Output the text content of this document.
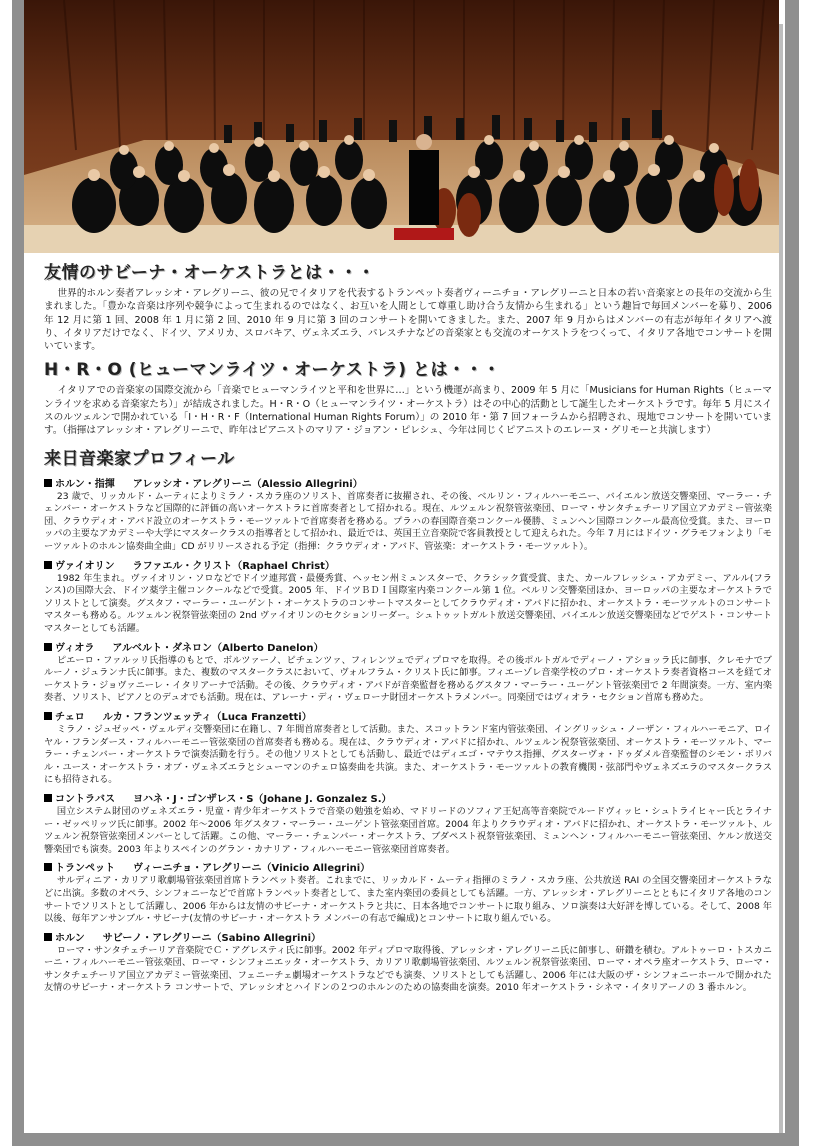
友情のサビーナ・オーケストラとは・・・

世界的ホルン奏者アレッシオ・アレグリーニ、彼の兄でイタリアを代表するトランペット奏者ヴィーニチョ・アレグリーニと日本の若い音楽家との長年の交流から生まれました。「豊かな音楽は序列や競争によって生まれるのではなく、お互いを人間として尊重し助け合う友情から生まれる」という趣旨で毎回メンバーを募り、2006 年 12 月に第 1 回、2008 年 1 月に第 2 回、2010 年 9 月に第 3 回のコンサートを開いてきました。また、2007 年 9 月からはメンバーの有志が毎年イタリアへ渡り、イタリアだけでなく、ドイツ、アメリカ、スロバキア、ヴェネズエラ、パレスチナなどの音楽家とも交流のオーケストラをつくって、イタリア各地でコンサートを開いています。

H・R・O (ヒューマンライツ・オーケストラ) とは・・・

イタリアでの音楽家の国際交流から「音楽でヒューマンライツと平和を世界に…」という機運が高まり、2009 年 5 月に「Musicians for Human Rights（ヒューマンライツを求める音楽家たち）」が結成されました。H・R・O（ヒューマンライツ・オーケストラ）はその中心的活動として誕生したオーケストラです。毎年 5 月にスイスのルツェルンで開かれている「I・H・R・F（International Human Rights Forum）」の 2010 年・第 7 回フォーラムから招聘され、現地でコンサートを開いています。（指揮はアレッシオ・アレグリーニで、昨年はピアニストのマリア・ジョアン・ピレシュ、今年は同じくピアニストのエレーヌ・グリモーと共演します）

来日音楽家プロフィール
ホルン・指揮 アレッシオ・アレグリーニ（Alessio Allegrini）

23 歳で、リッカルド・ムーティによりミラノ・スカラ座のソリスト、首席奏者に抜擢され、その後、ベルリン・フィルハーモニー、バイエルン放送交響楽団、マーラー・チェンバー・オーケストラなど国際的に評価の高いオーケストラに首席奏者として招かれる。現在、ルツェルン祝祭管弦楽団、ローマ・サンタチェチーリア国立アカデミー管弦楽団、クラウディオ・アバド設立のオーケストラ・モーツァルトで首席奏者を務める。プラハの春国際音楽コンクール優勝、ミュンヘン国際コンクール最高位受賞。また、ヨーロッパの主要なアカデミーや大学にマスタークラスの指導者として招かれ、最近では、英国王立音楽院で客員教授として迎えられた。今年 7 月にはドイツ・グラモフォンより「モーツァルトのホルン協奏曲全曲」CD がリリースされる予定（指揮：クラウディオ・アバド、管弦楽：オーケストラ・モーツァルト）。

ヴァイオリン ラファエル・クリスト（Raphael Christ）

1982 年生まれ。ヴァイオリン・ソロなどでドイツ連邦賞・最優秀賞、ヘッセン州ミュンスターで、クラシック賞受賞、また、カールフレッシュ・アカデミー、アルル(フランス)の国際大会、ドイツ薬学主催コンクールなどで受賞。2005 年、ドイツＢＤＩ国際室内楽コンクール第 1 位。ベルリン交響楽団ほか、ヨーロッパの主要なオーケストラでソリストとして演奏。グスタフ・マーラー・ユーゲント・オーケストラのコンサートマスターとしてクラウディオ・アバドに招かれ、オーケストラ・モーツァルトのコンサートマスターも務める。ルツェルン祝祭管弦楽団の 2nd ヴァイオリンのセクションリーダー。シュトゥットガルト放送交響楽団、バイエルン放送交響楽団などでゲスト・コンサートマスターとしても活躍。

ヴィオラ アルベルト・ダネロン（Alberto Danelon）

ピエーロ・ファルッリ氏指導のもとで、ボルツァーノ、ピチェンツァ、フィレンツェでディプロマを取得。その後ポルトガルでディーノ・アショッラ氏に師事、クレモナでブルーノ・ジュランナ氏に師事。また、複数のマスタークラスにおいて、ヴォルフラム・クリスト氏に師事。フィエーゾレ音楽学校のプロ・オーケストラ奏者資格コースを経てオーケストラ・ジョヴァニーレ・イタリアーナで活動。その後、クラウディオ・アバドが音楽監督を務めるグスタフ・マーラー・ユーゲント管弦楽団で 2 年間演奏。一方、室内楽奏者、ソリスト、ピアノとのデュオでも活動。現在は、アレーナ・ディ・ヴェローナ財団オーケストラメンバー。同楽団ではヴィオラ・セクション首席も務めた。

チェロ ルカ・フランツェッティ（Luca Franzetti）

ミラノ・ジュゼッペ・ヴェルディ交響楽団に在籍し、7 年間首席奏者として活動。また、スコットランド室内管弦楽団、イングリッシュ・ノーザン・フィルハーモニア、ロイヤル・フランダース・フィルハーモニー管弦楽団の首席奏者も務める。現在は、クラウディオ・アバドに招かれ、ルツェルン祝祭管弦楽団、オーケストラ・モーツァルト、マーラー・チェンバー・オーケストラで演奏活動を行う。その他ソリストとしても活動し、最近ではディエゴ・マテウス指揮、グスターヴォ・ドゥダメル音楽監督のシモン・ボリバル・ユース・オーケストラ・オブ・ヴェネズエラとシューマンのチェロ協奏曲を共演。また、オーケストラ・モーツァルトの教育機関・弦部門やヴェネズエラのマスタークラスにも招待される。

コントラバス ヨハネ・J・ゴンザレス・S（Johane J. Gonzalez S.）

国立システム財団のヴェネズエラ・児童・青少年オーケストラで音楽の勉強を始め、マドリードのソフィア王妃高等音楽院でルードヴィッヒ・シュトライヒャー氏とライナー・ゼッペリッツ氏に師事。2002 年〜2006 年グスタフ・マーラー・ユーゲント管弦楽団首席。2004 年よりクラウディオ・アバドに招かれ、オーケストラ・モーツァルト、ルツェルン祝祭管弦楽団メンバーとして活躍。この他、マーラー・チェンバー・オーケストラ、ブダペスト祝祭管弦楽団、ミュンヘン・フィルハーモニー管弦楽団、ケルン放送交響楽団でも演奏。2003 年よりスペインのグラン・カナリア・フィルハーモニー管弦楽団首席奏者。

トランペット ヴィーニチョ・アレグリーニ（Vinicio Allegrini）

サルディニア・カリアリ歌劇場管弦楽団首席トランペット奏者。これまでに、リッカルド・ムーティ指揮のミラノ・スカラ座、公共放送 RAI の全国交響楽団オーケストラなどに出演。多数のオペラ、シンフォニーなどで首席トランペット奏者として、また室内楽団の委員としても活躍。一方、アレッシオ・アレグリーニとともにイタリア各地のコンサートでソリストとして活躍し、2006 年からは友情のサビーナ・オーケストラと共に、日本各地でコンサートに取り組み、ソロ演奏は大好評を博している。そして、2008 年以後、毎年アンサンブル・サビーナ(友情のサビーナ・オーケストラ メンバーの有志で編成)とコンサートに取り組んでいる。

ホルン サビーノ・アレグリーニ（Sabino Allegrini）

ローマ・サンタチェチーリア音楽院でＣ・アグレスティ氏に師事。2002 年ディプロマ取得後、アレッシオ・アレグリーニ氏に師事し、研鑽を積む。アルトゥーロ・トスカニーニ・フィルハーモニー管弦楽団、ローマ・シンフォニエッタ・オーケストラ、カリアリ歌劇場管弦楽団、ルツェルン祝祭管弦楽団、ローマ・オペラ座オーケストラ、ローマ・サンタチェチーリア国立アカデミー管弦楽団、フェニーチェ劇場オーケストラなどでも演奏、ソリストとしても活躍し、2006 年には大阪のザ・シンフォニーホールで開かれた友情のサビーナ・オーケストラ コンサートで、アレッシオとハイドンの２つのホルンのための協奏曲を演奏。2010 年オーケストラ・シネマ・イタリアーノの 3 番ホルン。
